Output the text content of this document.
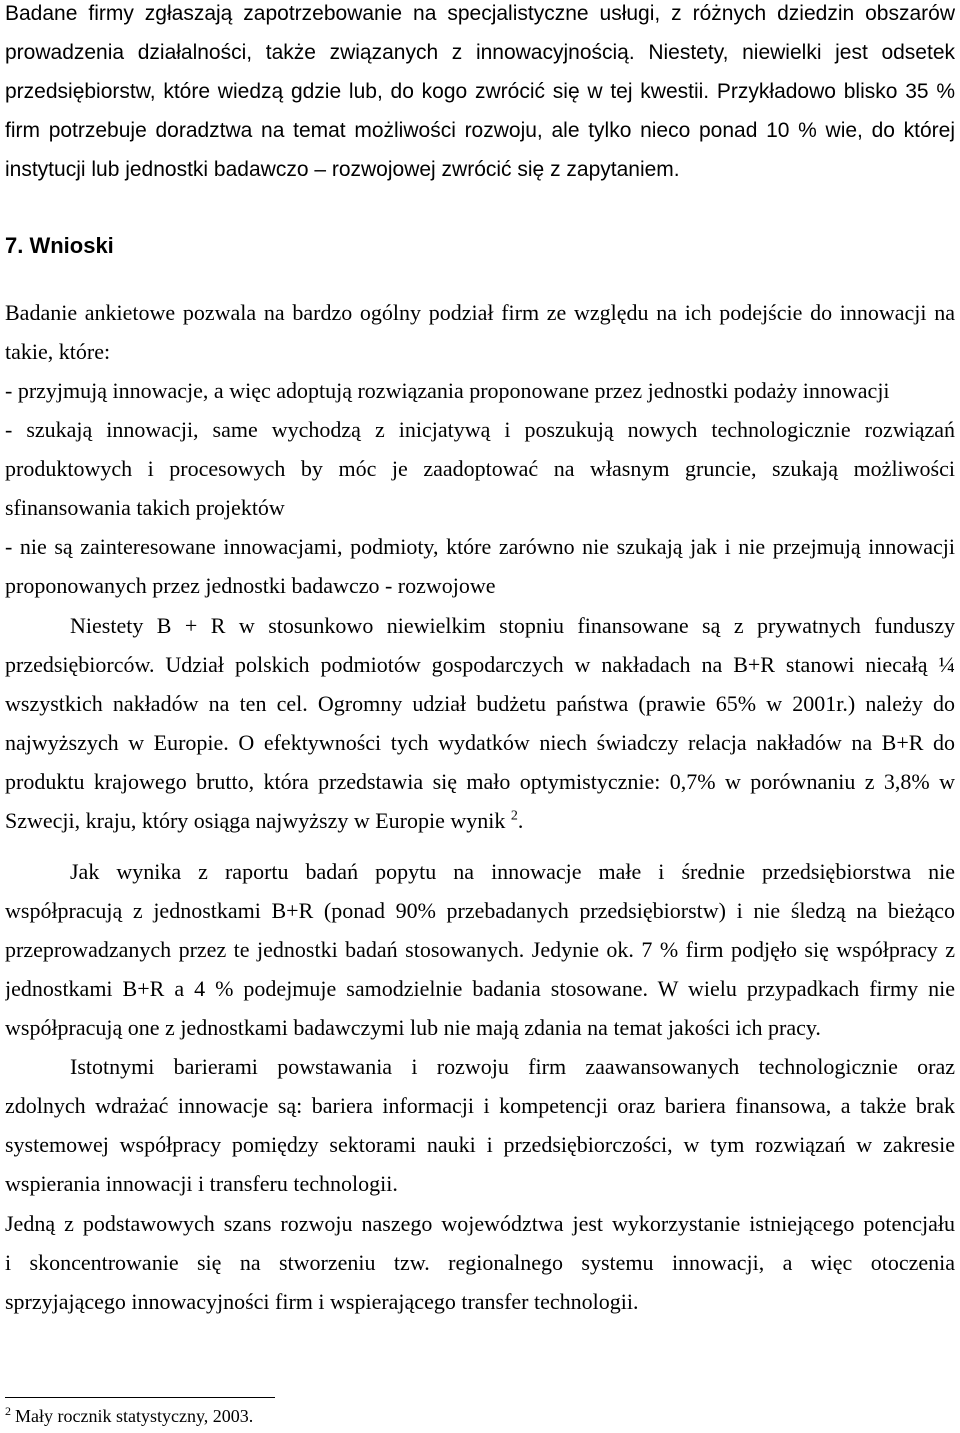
Badane firmy zgłaszają zapotrzebowanie na specjalistyczne usługi, z różnych dziedzin obszarów
prowadzenia działalności, także związanych z innowacyjnością. Niestety, niewielki jest odsetek
przedsiębiorstw, które wiedzą gdzie lub, do kogo zwrócić się w tej kwestii. Przykładowo blisko 35 %
firm potrzebuje doradztwa na temat możliwości rozwoju, ale tylko nieco ponad 10 % wie, do której
instytucji lub jednostki badawczo – rozwojowej zwrócić się z zapytaniem.
7. Wnioski
Badanie ankietowe pozwala na bardzo ogólny podział firm ze względu na ich podejście do innowacji na
takie, które:
- przyjmują innowacje, a więc adoptują rozwiązania proponowane przez jednostki podaży innowacji
- szukają innowacji, same wychodzą z inicjatywą i poszukują nowych technologicznie rozwiązań
produktowych i procesowych by móc je zaadoptować na własnym gruncie, szukają możliwości
sfinansowania takich projektów
- nie są zainteresowane innowacjami, podmioty, które zarówno nie szukają jak i nie przejmują innowacji
proponowanych przez jednostki badawczo - rozwojowe
Niestety B + R w stosunkowo niewielkim stopniu finansowane są z prywatnych funduszy
przedsiębiorców. Udział polskich podmiotów gospodarczych w nakładach na B+R stanowi niecałą ¼
wszystkich nakładów na ten cel. Ogromny udział budżetu państwa (prawie 65% w 2001r.) należy do
najwyższych w Europie. O efektywności tych wydatków niech świadczy relacja nakładów na B+R do
produktu krajowego brutto, która przedstawia się mało optymistycznie: 0,7% w porównaniu z 3,8% w
Szwecji, kraju, który osiąga najwyższy w Europie wynik $^2$.
Jak wynika z raportu badań popytu na innowacje małe i średnie przedsiębiorstwa nie
współpracują z jednostkami B+R (ponad 90% przebadanych przedsiębiorstw) i nie śledzą na bieżąco
przeprowadzanych przez te jednostki badań stosowanych. Jedynie ok. 7 % firm podjęło się współpracy z
jednostkami B+R a 4 % podejmuje samodzielnie badania stosowane. W wielu przypadkach firmy nie
współpracują one z jednostkami badawczymi lub nie mają zdania na temat jakości ich pracy.
Istotnymi barierami powstawania i rozwoju firm zaawansowanych technologicznie oraz
zdolnych wdrażać innowacje są: bariera informacji i kompetencji oraz bariera finansowa, a także brak
systemowej współpracy pomiędzy sektorami nauki i przedsiębiorczości, w tym rozwiązań w zakresie
wspierania innowacji i transferu technologii.
Jedną z podstawowych szans rozwoju naszego województwa jest wykorzystanie istniejącego potencjału
i skoncentrowanie się na stworzeniu tzw. regionalnego systemu innowacji, a więc otoczenia
sprzyjającego innowacyjności firm i wspierającego transfer technologii.
$^2$ Mały rocznik statystyczny, 2003.
